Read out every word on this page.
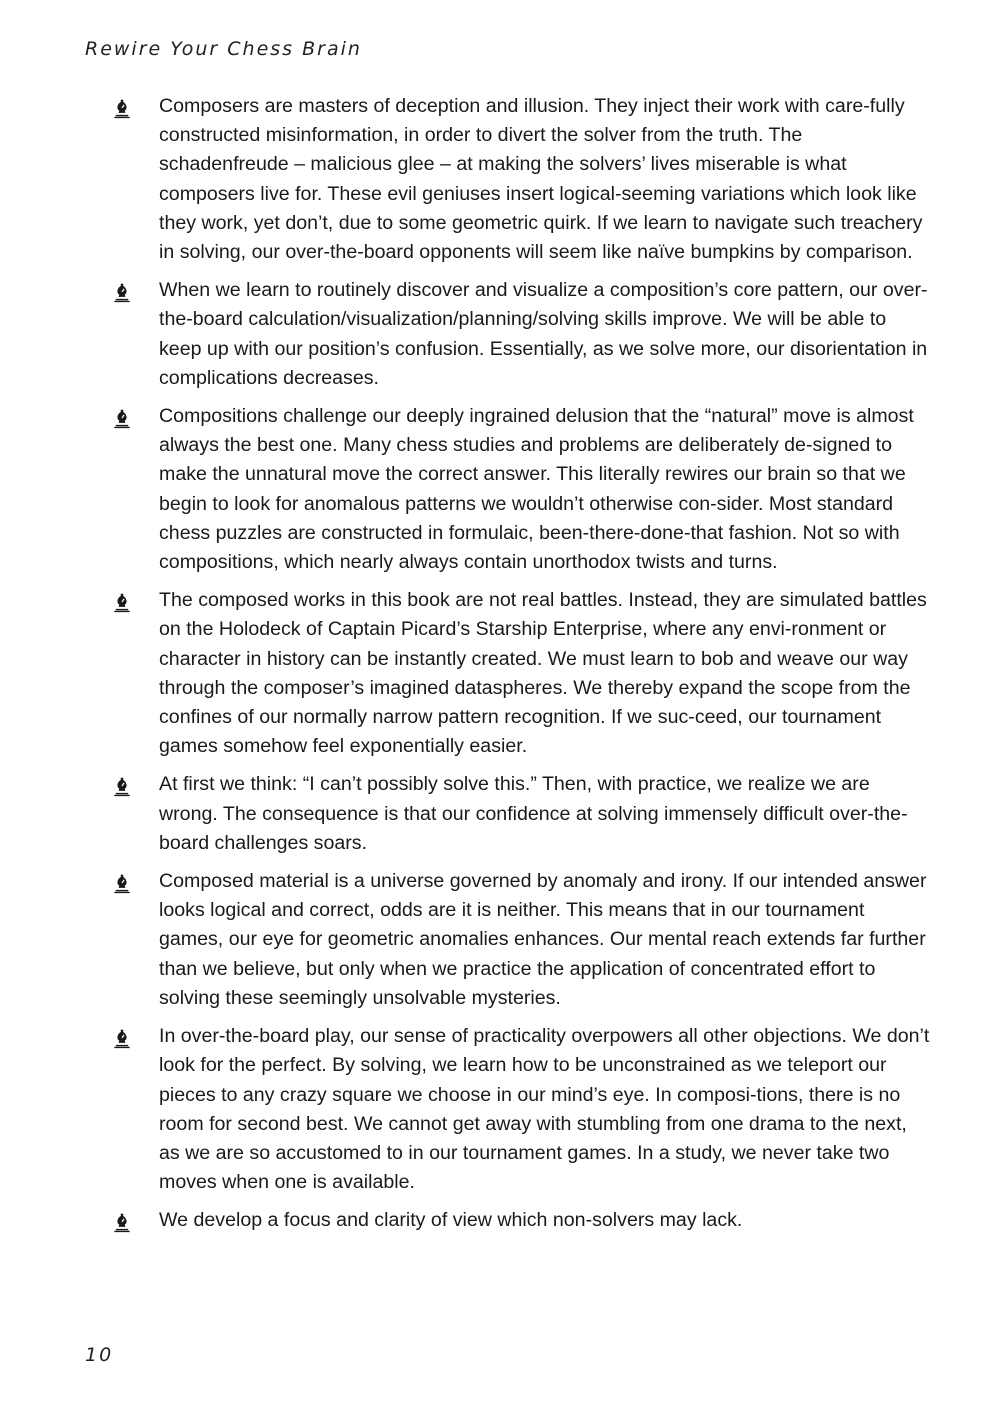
Rewire Your Chess Brain
Composers are masters of deception and illusion. They inject their work with care-fully constructed misinformation, in order to divert the solver from the truth. The schadenfreude – malicious glee – at making the solvers’ lives miserable is what composers live for. These evil geniuses insert logical-seeming variations which look like they work, yet don’t, due to some geometric quirk. If we learn to navigate such treachery in solving, our over-the-board opponents will seem like naïve bumpkins by comparison.
When we learn to routinely discover and visualize a composition’s core pattern, our over-the-board calculation/visualization/planning/solving skills improve. We will be able to keep up with our position’s confusion. Essentially, as we solve more, our disorientation in complications decreases.
Compositions challenge our deeply ingrained delusion that the “natural” move is almost always the best one. Many chess studies and problems are deliberately de-signed to make the unnatural move the correct answer. This literally rewires our brain so that we begin to look for anomalous patterns we wouldn’t otherwise con-sider. Most standard chess puzzles are constructed in formulaic, been-there-done-that fashion. Not so with compositions, which nearly always contain unorthodox twists and turns.
The composed works in this book are not real battles. Instead, they are simulated battles on the Holodeck of Captain Picard’s Starship Enterprise, where any envi-ronment or character in history can be instantly created. We must learn to bob and weave our way through the composer’s imagined dataspheres. We thereby expand the scope from the confines of our normally narrow pattern recognition. If we suc-ceed, our tournament games somehow feel exponentially easier.
At first we think: “I can’t possibly solve this.” Then, with practice, we realize we are wrong. The consequence is that our confidence at solving immensely difficult over-the-board challenges soars.
Composed material is a universe governed by anomaly and irony. If our intended answer looks logical and correct, odds are it is neither. This means that in our tournament games, our eye for geometric anomalies enhances. Our mental reach extends far further than we believe, but only when we practice the application of concentrated effort to solving these seemingly unsolvable mysteries.
In over-the-board play, our sense of practicality overpowers all other objections. We don’t look for the perfect. By solving, we learn how to be unconstrained as we teleport our pieces to any crazy square we choose in our mind’s eye. In composi-tions, there is no room for second best. We cannot get away with stumbling from one drama to the next, as we are so accustomed to in our tournament games. In a study, we never take two moves when one is available.
We develop a focus and clarity of view which non-solvers may lack.
10
